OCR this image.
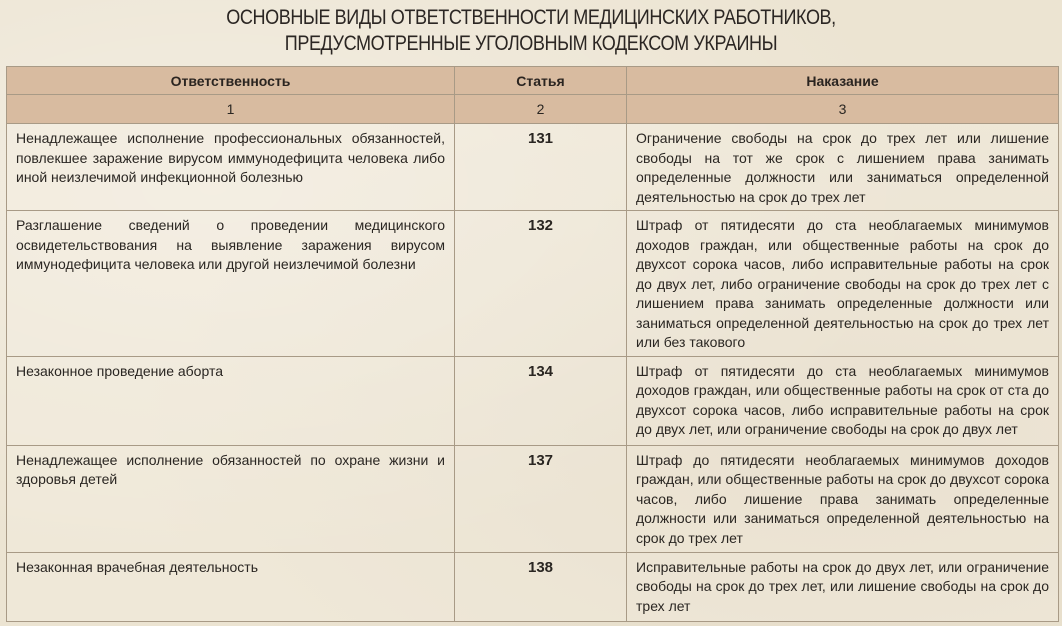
ОСНОВНЫЕ ВИДЫ ОТВЕТСТВЕННОСТИ МЕДИЦИНСКИХ РАБОТНИКОВ,
ПРЕДУСМОТРЕННЫЕ УГОЛОВНЫМ КОДЕКСОМ УКРАИНЫ
Ответственность	Статья	Наказание
1	2	3
Ненадлежащее исполнение профессиональных обязанностей, повлекшее заражение вирусом иммунодефицита человека либо иной неизлечимой инфекционной болезнью	131	Ограничение свободы на срок до трех лет или лишение свободы на тот же срок с лишением права занимать определенные должности или заниматься определенной деятельностью на срок до трех лет
Разглашение сведений о проведении медицинского освидетельствования на выявление заражения вирусом иммунодефицита человека или другой неизлечимой болезни	132	Штраф от пятидесяти до ста необлагаемых минимумов доходов граждан, или общественные работы на срок до двухсот сорока часов, либо исправительные работы на срок до двух лет, либо ограничение свободы на срок до трех лет с лишением права занимать определенные должности или заниматься определенной деятельностью на срок до трех лет или без такового
Незаконное проведение аборта	134	Штраф от пятидесяти до ста необлагаемых минимумов доходов граждан, или общественные работы на срок от ста до двухсот сорока часов, либо исправительные работы на срок до двух лет, или ограничение свободы на срок до двух лет
Ненадлежащее исполнение обязанностей по охране жизни и здоровья детей	137	Штраф до пятидесяти необлагаемых минимумов доходов граждан, или общественные работы на срок до двухсот сорока часов, либо лишение права занимать определенные должности или заниматься определенной деятельностью на срок до трех лет
Незаконная врачебная деятельность	138	Исправительные работы на срок до двух лет, или ограничение свободы на срок до трех лет, или лишение свободы на срок до трех лет
